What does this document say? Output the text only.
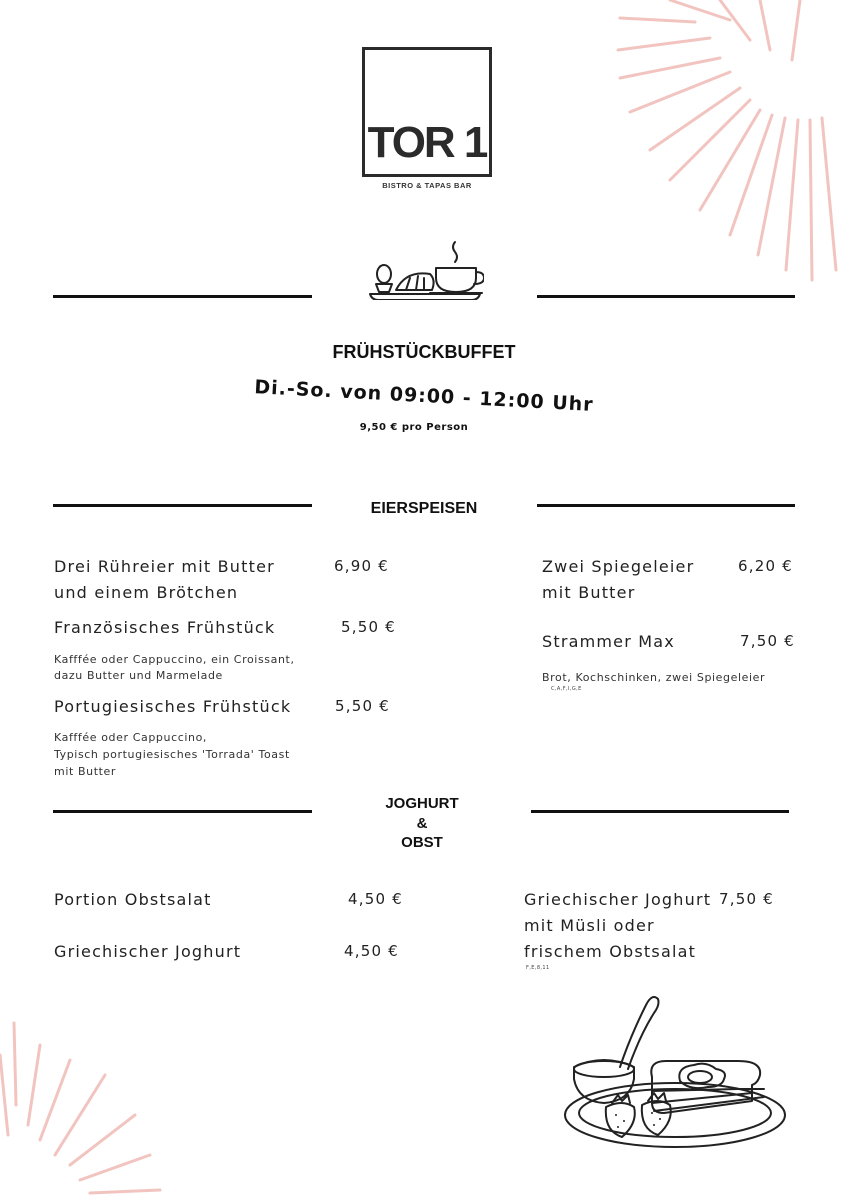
TOR 1
BISTRO & TAPAS BAR
FRÜHSTÜCKBUFFET
Di.-So. von 09:00 - 12:00 Uhr
9,50 € pro Person
EIERSPEISEN
Drei Rühreier mit Butter
und einem Brötchen
6,90 €
Französisches Frühstück	5,50 €
Kafffée oder Cappuccino, ein Croissant,
dazu Butter und Marmelade
Portugiesisches Frühstück	5,50 €
Kafffée oder Cappuccino,
Typisch portugiesisches 'Torrada' Toast
mit Butter
Zwei Spiegeleier
mit Butter
6,20 €
Strammer Max	7,50 €
Brot, Kochschinken, zwei Spiegeleier
C,A,F,I,G,E
JOGHURT
&
OBST
Portion Obstsalat	4,50 €
Griechischer Joghurt	4,50 €
Griechischer Joghurt
mit Müsli oder
frischem Obstsalat
7,50 €
F,E,8,11
